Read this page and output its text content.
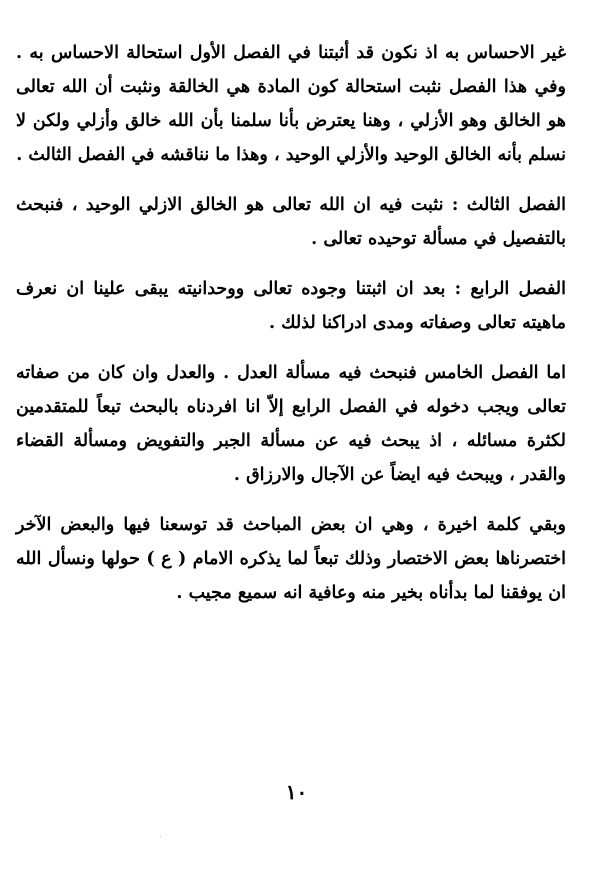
غير الاحساس به اذ نكون قد أثبتنا في الفصل الأول استحالة الاحساس به . وفي هذا الفصل نثبت استحالة كون المادة هي الخالقة ونثبت أن الله تعالى هو الخالق وهو الأزلي ، وهنا يعترض بأنا سلمنا بأن الله خالق وأزلي ولكن لا نسلم بأنه الخالق الوحيد والأزلي الوحيد ، وهذا ما نناقشه في الفصل الثالث .

الفصل الثالث : نثبت فيه ان الله تعالى هو الخالق الازلي الوحيد ، فنبحث بالتفصيل في مسألة توحيده تعالى .

الفصل الرابع : بعد ان اثبتنا وجوده تعالى ووحدانيته يبقى علينا ان نعرف ماهيته تعالى وصفاته ومدى ادراكنا لذلك .

اما الفصل الخامس فنبحث فيه مسألة العدل . والعدل وان كان من صفاته تعالى ويجب دخوله في الفصل الرابع إلاّ انا افردناه بالبحث تبعاً للمتقدمين لكثرة مسائله ، اذ يبحث فيه عن مسألة الجبر والتفويض ومسألة القضاء والقدر ، ويبحث فيه ايضاً عن الآجال والارزاق .

وبقي كلمة اخيرة ، وهي ان بعض المباحث قد توسعنا فيها والبعض الآخر اختصرناها بعض الاختصار وذلك تبعاً لما يذكره الامام ( ع ) حولها ونسأل الله ان يوفقنا لما بدأناه بخير منه وعافية انه سميع مجيب .

١٠
